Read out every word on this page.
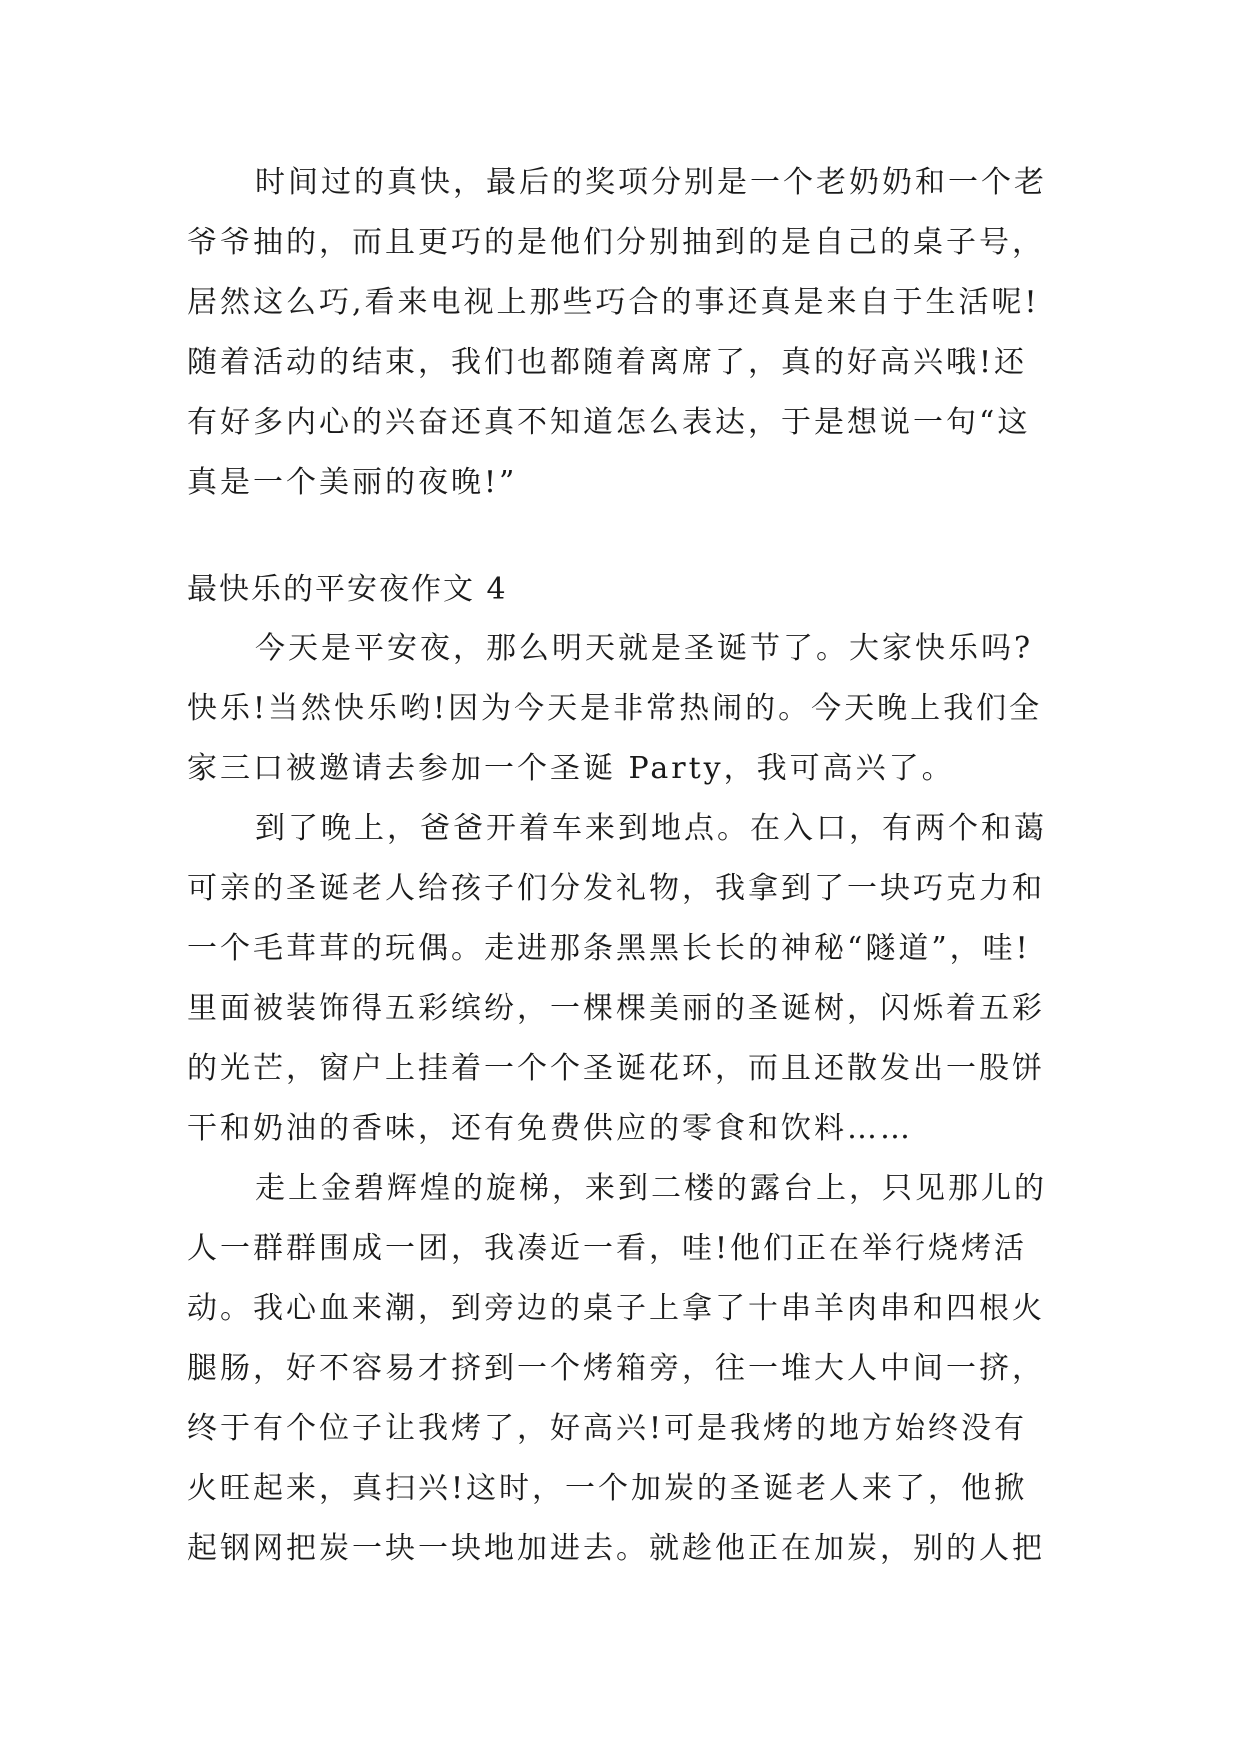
时间过的真快，最后的奖项分别是一个老奶奶和一个老
爷爷抽的，而且更巧的是他们分别抽到的是自己的桌子号，
居然这么巧,看来电视上那些巧合的事还真是来自于生活呢!
随着活动的结束，我们也都随着离席了，真的好高兴哦!还
有好多内心的兴奋还真不知道怎么表达，于是想说一句“这
真是一个美丽的夜晚!”
最快乐的平安夜作文 4
今天是平安夜，那么明天就是圣诞节了。大家快乐吗?
快乐!当然快乐哟!因为今天是非常热闹的。今天晚上我们全
家三口被邀请去参加一个圣诞 Party，我可高兴了。
到了晚上，爸爸开着车来到地点。在入口，有两个和蔼
可亲的圣诞老人给孩子们分发礼物，我拿到了一块巧克力和
一个毛茸茸的玩偶。走进那条黑黑长长的神秘“隧道”，哇!
里面被装饰得五彩缤纷，一棵棵美丽的圣诞树，闪烁着五彩
的光芒，窗户上挂着一个个圣诞花环，而且还散发出一股饼
干和奶油的香味，还有免费供应的零食和饮料……
走上金碧辉煌的旋梯，来到二楼的露台上，只见那儿的
人一群群围成一团，我凑近一看，哇!他们正在举行烧烤活
动。我心血来潮，到旁边的桌子上拿了十串羊肉串和四根火
腿肠，好不容易才挤到一个烤箱旁，往一堆大人中间一挤，
终于有个位子让我烤了，好高兴!可是我烤的地方始终没有
火旺起来，真扫兴!这时，一个加炭的圣诞老人来了，他掀
起钢网把炭一块一块地加进去。就趁他正在加炭，别的人把
